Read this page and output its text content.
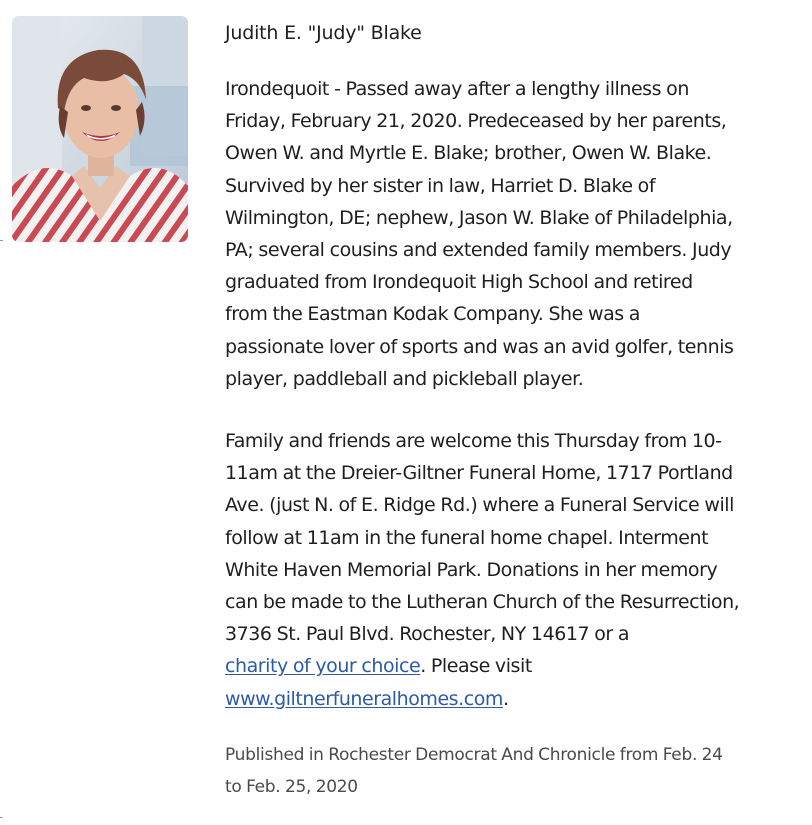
Judith E. "Judy" Blake

Irondequoit - Passed away after a lengthy illness on
Friday, February 21, 2020. Predeceased by her parents,
Owen W. and Myrtle E. Blake; brother, Owen W. Blake.
Survived by her sister in law, Harriet D. Blake of
Wilmington, DE; nephew, Jason W. Blake of Philadelphia,
PA; several cousins and extended family members. Judy
graduated from Irondequoit High School and retired
from the Eastman Kodak Company. She was a
passionate lover of sports and was an avid golfer, tennis
player, paddleball and pickleball player.

Family and friends are welcome this Thursday from 10-
11am at the Dreier-Giltner Funeral Home, 1717 Portland
Ave. (just N. of E. Ridge Rd.) where a Funeral Service will
follow at 11am in the funeral home chapel. Interment
White Haven Memorial Park. Donations in her memory
can be made to the Lutheran Church of the Resurrection,
3736 St. Paul Blvd. Rochester, NY 14617 or a
charity of your choice. Please visit
www.giltnerfuneralhomes.com.

Published in Rochester Democrat And Chronicle from Feb. 24
to Feb. 25, 2020
